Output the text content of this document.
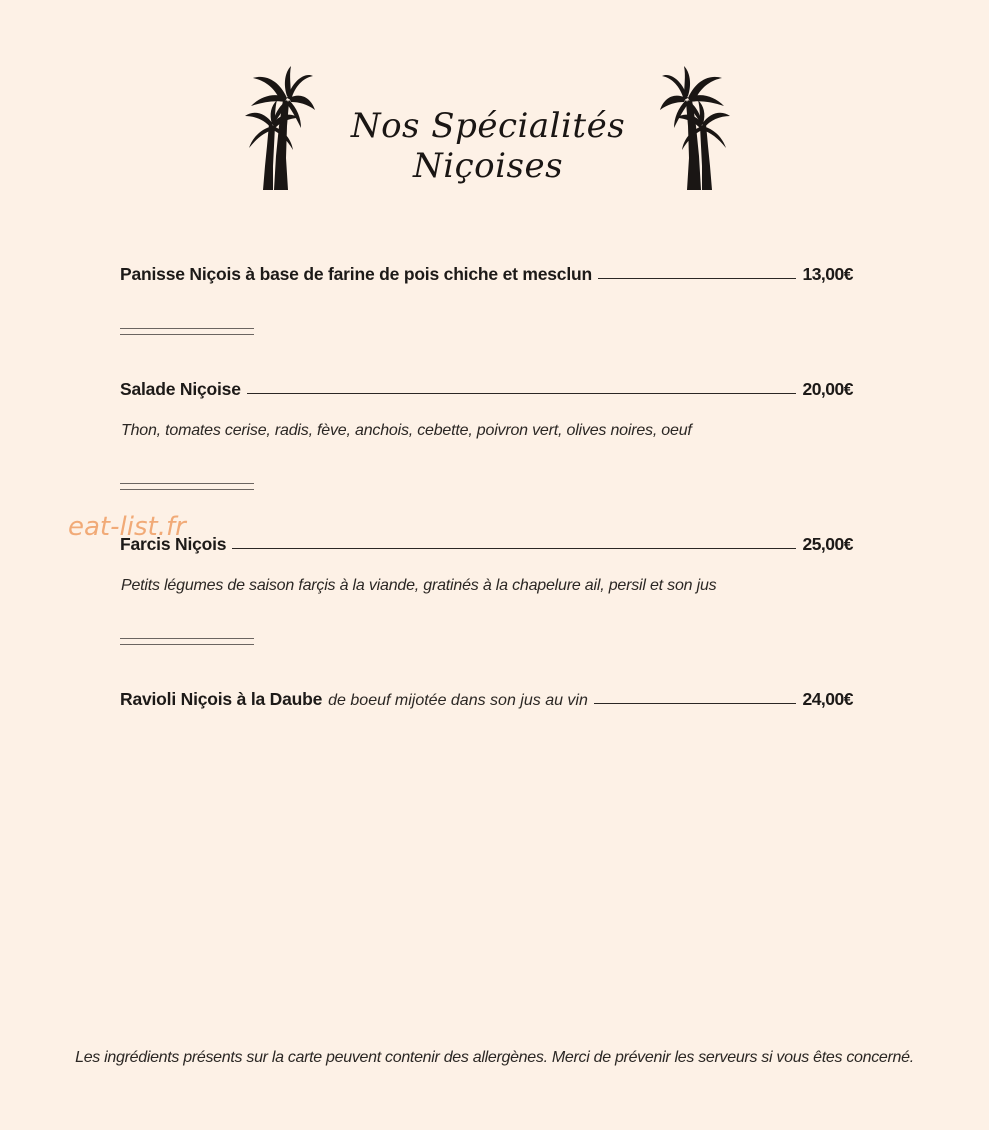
Nos Spécialités Niçoises
Panisse Niçois à base de farine de pois chiche et mesclun	13,00€
Salade Niçoise	20,00€
Thon, tomates cerise, radis, fève, anchois, cebette, poivron vert, olives noires, oeuf
Farcis Niçois	25,00€
Petits légumes de saison farçis à la viande, gratinés à la chapelure ail, persil et son jus
Ravioli Niçois à la Daube de boeuf mijotée dans son jus au vin	24,00€
eat-list.fr
Les ingrédients présents sur la carte peuvent contenir des allergènes. Merci de prévenir les serveurs si vous êtes concerné.
